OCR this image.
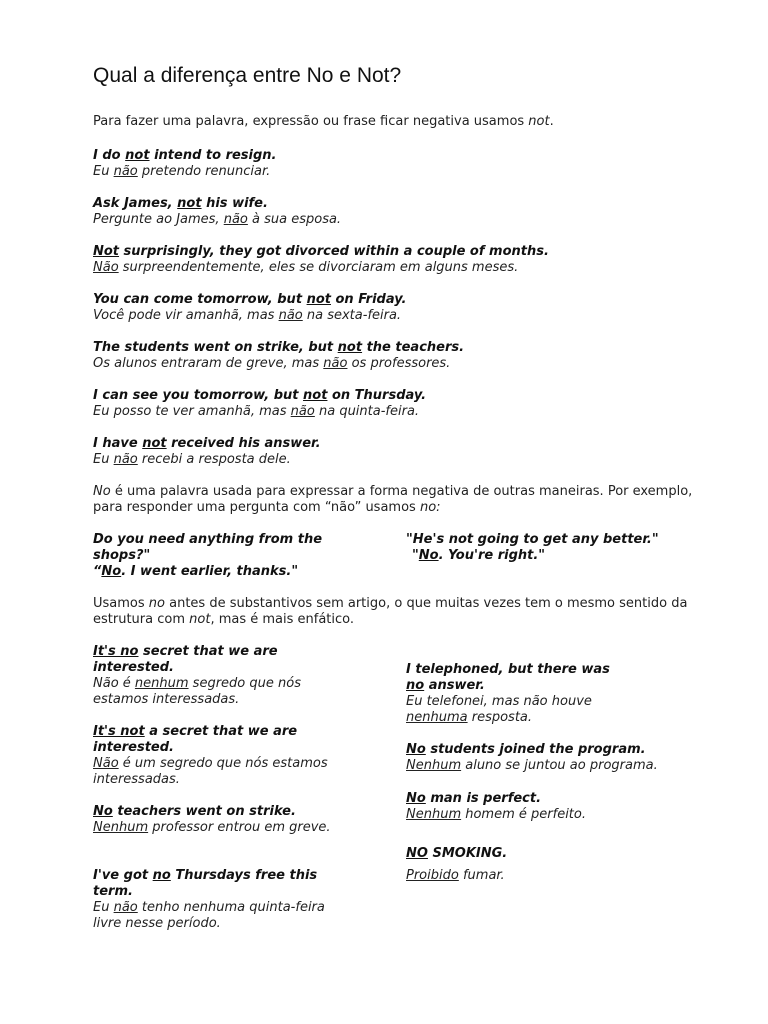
Qual a diferença entre No e Not?
Para fazer uma palavra, expressão ou frase ficar negativa usamos not.
I do not intend to resign.
Eu não pretendo renunciar.
Ask James, not his wife.
Pergunte ao James, não à sua esposa.
Not surprisingly, they got divorced within a couple of months.
Não surpreendentemente, eles se divorciaram em alguns meses.
You can come tomorrow, but not on Friday.
Você pode vir amanhã, mas não na sexta-feira.
The students went on strike, but not the teachers.
Os alunos entraram de greve, mas não os professores.
I can see you tomorrow, but not on Thursday.
Eu posso te ver amanhã, mas não na quinta-feira.
I have not received his answer.
Eu não recebi a resposta dele.
No é uma palavra usada para expressar a forma negativa de outras maneiras. Por exemplo, para responder uma pergunta com “não” usamos no:
Do you need anything from the shops?"
“No. I went earlier, thanks."
"He's not going to get any better."
"No. You're right."
Usamos no antes de substantivos sem artigo, o que muitas vezes tem o mesmo sentido da estrutura com not, mas é mais enfático.
It's no secret that we are interested.
Não é nenhum segredo que nós estamos interessadas.
It's not a secret that we are interested.
Não é um segredo que nós estamos interessadas.
No teachers went on strike.
Nenhum professor entrou em greve.
I've got no Thursdays free this term.
Eu não tenho nenhuma quinta-feira livre nesse período.
I telephoned, but there was no answer.
Eu telefonei, mas não houve nenhuma resposta.
No students joined the program.
Nenhum aluno se juntou ao programa.
No man is perfect.
Nenhum homem é perfeito.
NO SMOKING.
Proibido fumar.
